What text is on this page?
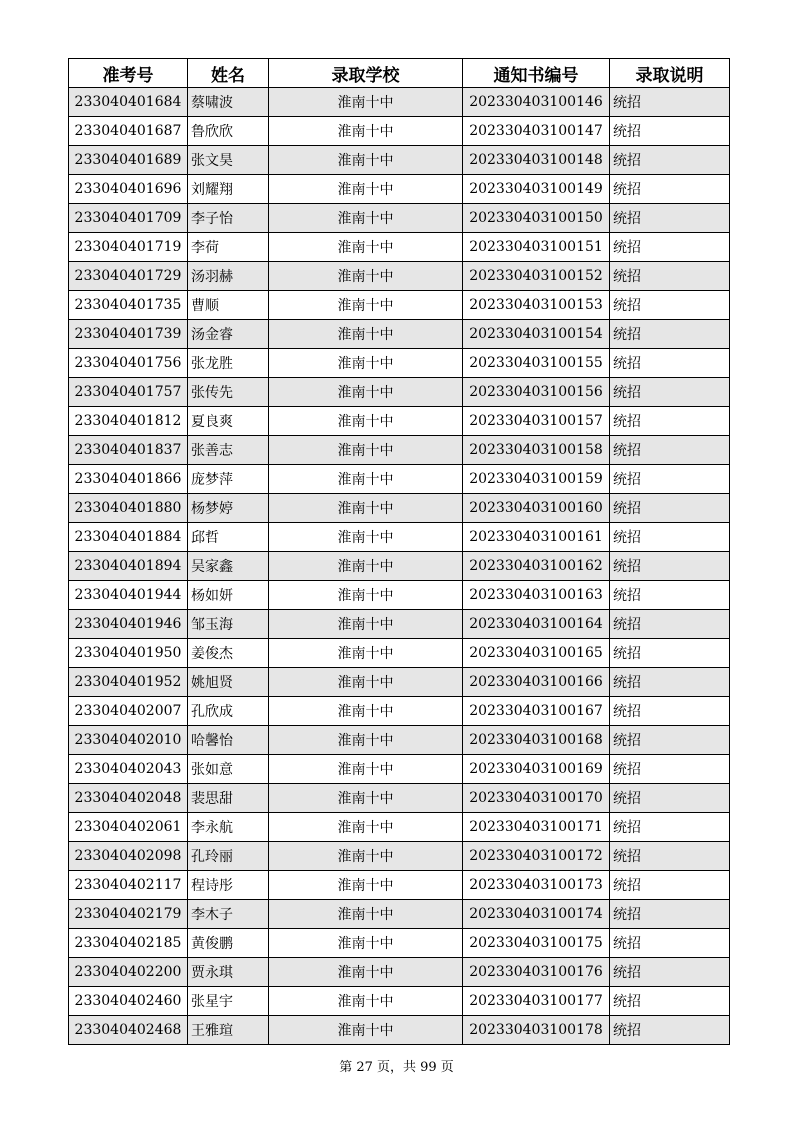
准考号	姓名	录取学校	通知书编号	录取说明
233040401684	蔡啸波	淮南十中	202330403100146	统招
233040401687	鲁欣欣	淮南十中	202330403100147	统招
233040401689	张文昊	淮南十中	202330403100148	统招
233040401696	刘耀翔	淮南十中	202330403100149	统招
233040401709	李子怡	淮南十中	202330403100150	统招
233040401719	李荷	淮南十中	202330403100151	统招
233040401729	汤羽赫	淮南十中	202330403100152	统招
233040401735	曹顺	淮南十中	202330403100153	统招
233040401739	汤金睿	淮南十中	202330403100154	统招
233040401756	张龙胜	淮南十中	202330403100155	统招
233040401757	张传先	淮南十中	202330403100156	统招
233040401812	夏良爽	淮南十中	202330403100157	统招
233040401837	张善志	淮南十中	202330403100158	统招
233040401866	庞梦萍	淮南十中	202330403100159	统招
233040401880	杨梦婷	淮南十中	202330403100160	统招
233040401884	邱哲	淮南十中	202330403100161	统招
233040401894	吴家鑫	淮南十中	202330403100162	统招
233040401944	杨如妍	淮南十中	202330403100163	统招
233040401946	邹玉海	淮南十中	202330403100164	统招
233040401950	姜俊杰	淮南十中	202330403100165	统招
233040401952	姚旭贤	淮南十中	202330403100166	统招
233040402007	孔欣成	淮南十中	202330403100167	统招
233040402010	哈馨怡	淮南十中	202330403100168	统招
233040402043	张如意	淮南十中	202330403100169	统招
233040402048	裴思甜	淮南十中	202330403100170	统招
233040402061	李永航	淮南十中	202330403100171	统招
233040402098	孔玲丽	淮南十中	202330403100172	统招
233040402117	程诗彤	淮南十中	202330403100173	统招
233040402179	李木子	淮南十中	202330403100174	统招
233040402185	黄俊鹏	淮南十中	202330403100175	统招
233040402200	贾永琪	淮南十中	202330403100176	统招
233040402460	张星宇	淮南十中	202330403100177	统招
233040402468	王雅瑄	淮南十中	202330403100178	统招
第 27 页，共 99 页
